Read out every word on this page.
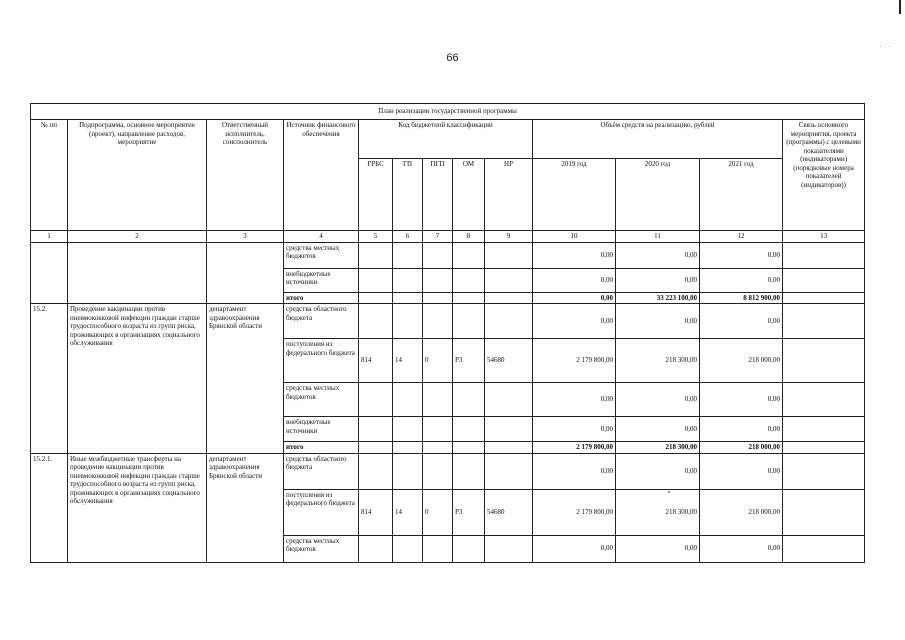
66
. · .
План реализации государственной программы												
№ пп	Подпрограмма, основное мероприятие (проект), направление расходов, мероприятие	Ответственный исполнитель, соисполнитель	Источник финансового обеспечения	Код бюджетной классификации					Объём средств на реализацию, рублей			Связь основного мероприятия, проекта (программы) с целевыми показателями (индикаторами) (порядковые номера показателей (индикаторов))
				ГРБС	ГП	ПГП	ОМ	НР	2019 год	2020 год	2021 год	
1	2	3	4	5	6	7	8	9	10	11	12	13
			средства местных бюджетов						0,00	0,00	0,00	
			внебюджетные источники						0,00	0,00	0,00	
			итого						0,00	33 223 100,00	8 812 900,00	
15.2.	Проведение вакцинации против пневмококковой инфекции граждан старше трудоспособного возраста из групп риска, проживающих в организациях социального обслуживания	департамент здравоохранения Брянской области	средства областного бюджета						0,00	0,00	0,00	
			поступления из федерального бюджета	814	14	0	Р3	54680	2 179 800,00	218 300,00	218 000,00	
			средства местных бюджетов						0,00	0,00	0,00	
			внебюджетные источники						0,00	0,00	0,00	
			итого						2 179 800,00	218 300,00	218 000,00	
15.2.1.	Иные межбюджетные трансферты на проведение вакцинации против пневмококковой инфекции граждан старше трудоспособного возраста из групп риска, проживающих в организациях социального обслуживания	департамент здравоохранения Брянской области	средства областного бюджета						0,00	0,00	0,00	
			поступления из федерального бюджета	814	14	0	Р3	54680	2 179 800,00	218 300,00	218 000,00	
			средства местных бюджетов						0,00	0,00	0,00	
